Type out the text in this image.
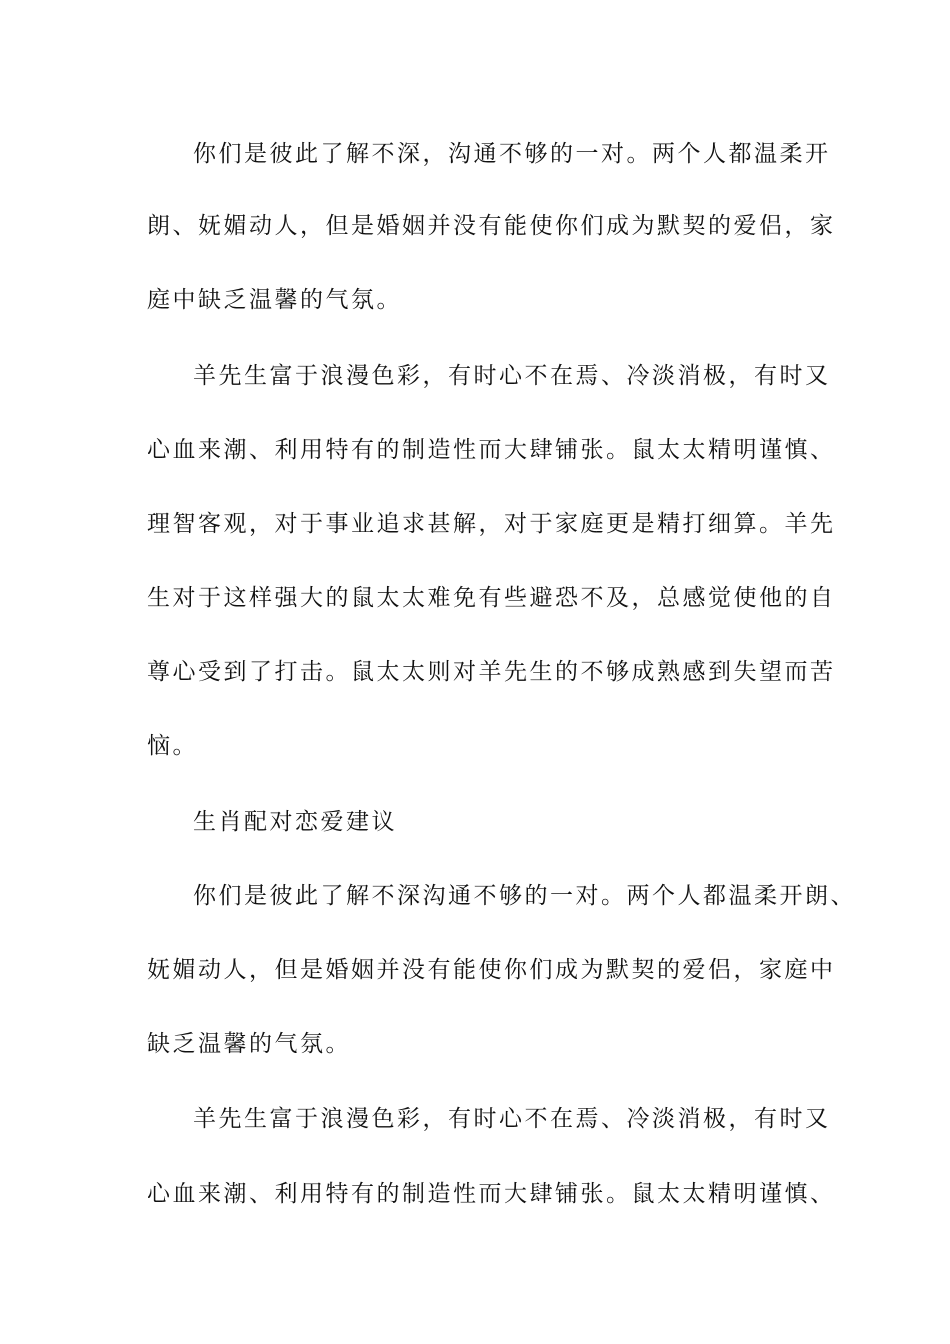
你们是彼此了解不深，沟通不够的一对。两个人都温柔开
朗、妩媚动人，但是婚姻并没有能使你们成为默契的爱侣，家
庭中缺乏温馨的气氛。
羊先生富于浪漫色彩，有时心不在焉、冷淡消极，有时又
心血来潮、利用特有的制造性而大肆铺张。鼠太太精明谨慎、
理智客观，对于事业追求甚解，对于家庭更是精打细算。羊先
生对于这样强大的鼠太太难免有些避恐不及，总感觉使他的自
尊心受到了打击。鼠太太则对羊先生的不够成熟感到失望而苦
恼。
生肖配对恋爱建议
你们是彼此了解不深沟通不够的一对。两个人都温柔开朗、
妩媚动人，但是婚姻并没有能使你们成为默契的爱侣，家庭中
缺乏温馨的气氛。
羊先生富于浪漫色彩，有时心不在焉、冷淡消极，有时又
心血来潮、利用特有的制造性而大肆铺张。鼠太太精明谨慎、
